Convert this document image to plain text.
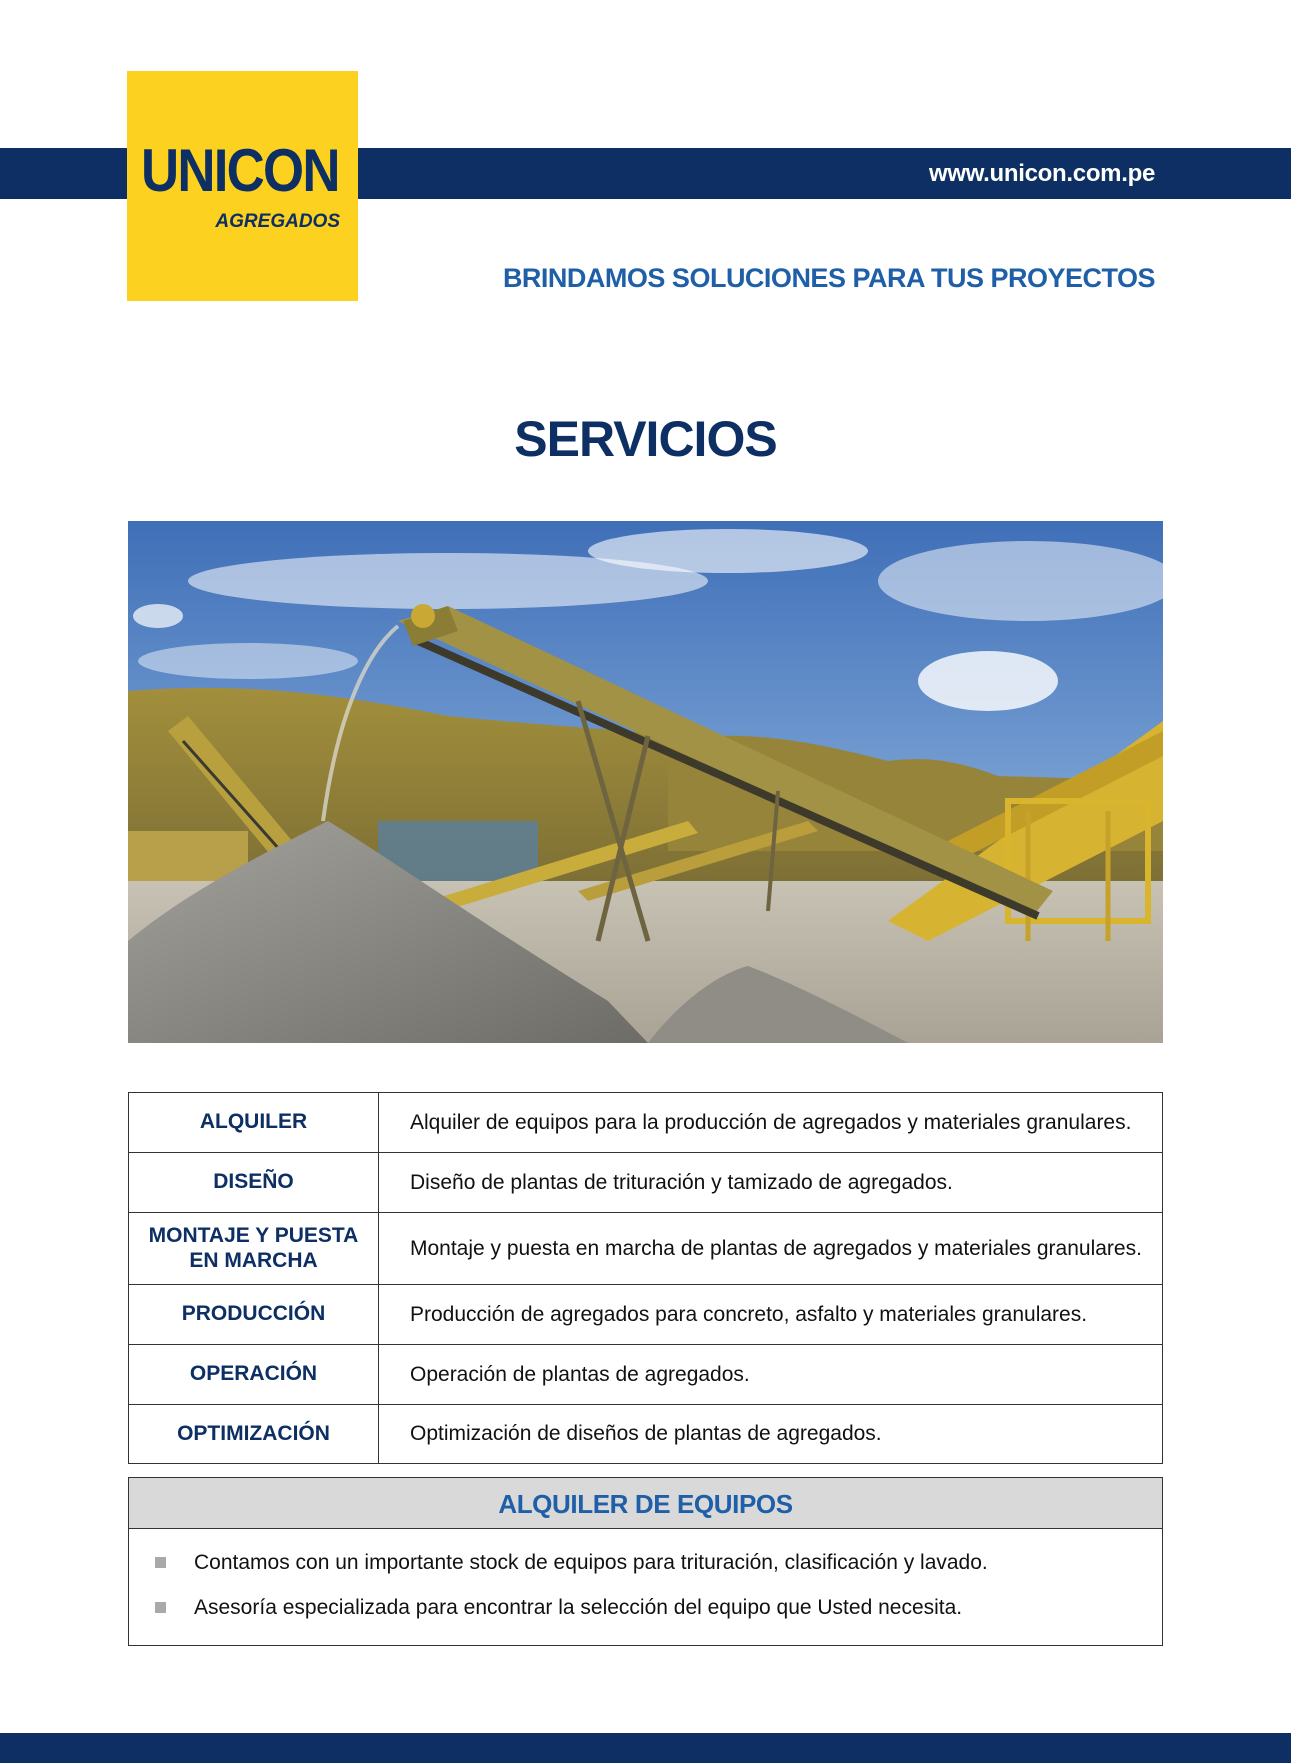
www.unicon.com.pe
UNICON
AGREGADOS
BRINDAMOS SOLUCIONES PARA TUS PROYECTOS
SERVICIOS
ALQUILER	Alquiler de equipos para la producción de agregados y materiales granulares.
DISEÑO	Diseño de plantas de trituración y tamizado de agregados.
MONTAJE Y PUESTA
EN MARCHA	Montaje y puesta en marcha de plantas de agregados y materiales granulares.
PRODUCCIÓN	Producción de agregados para concreto, asfalto y materiales granulares.
OPERACIÓN	Operación de plantas de agregados.
OPTIMIZACIÓN	Optimización de diseños de plantas de agregados.
ALQUILER DE EQUIPOS
Contamos con un importante stock de equipos para trituración, clasificación y lavado.
Asesoría especializada para encontrar la selección del equipo que Usted necesita.
